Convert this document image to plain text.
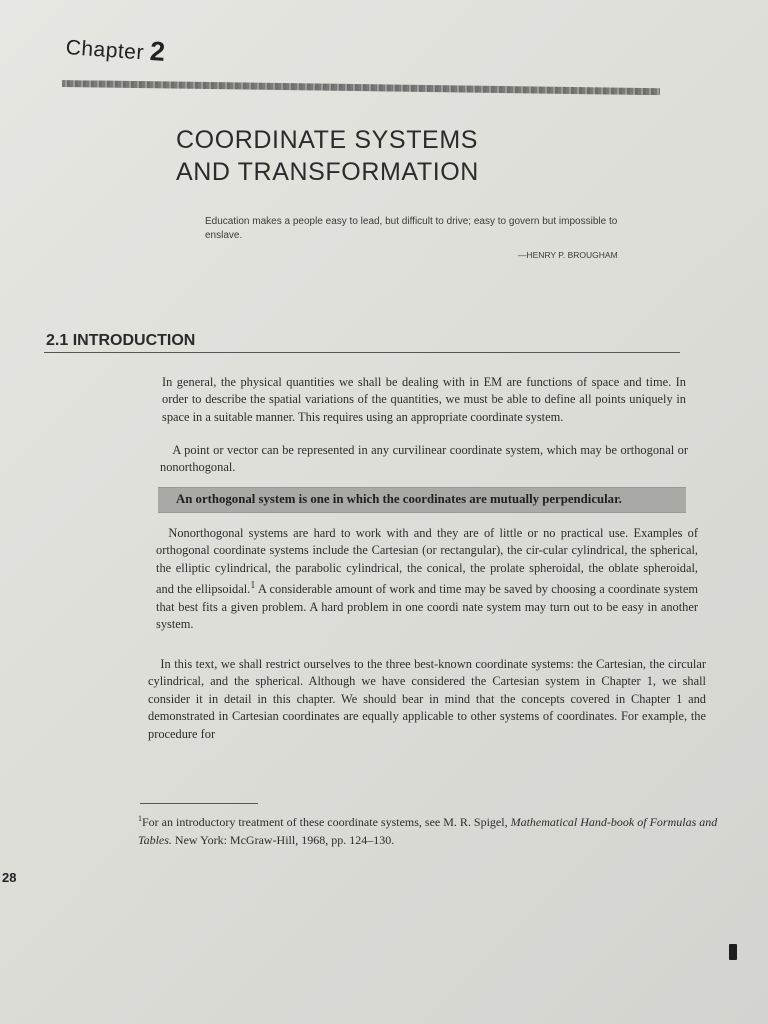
Chapter 2
COORDINATE SYSTEMS
AND TRANSFORMATION
Education makes a people easy to lead, but difficult to drive; easy to govern but impossible to enslave.
—HENRY P. BROUGHAM
2.1 INTRODUCTION

In general, the physical quantities we shall be dealing with in EM are functions of space and time. In order to describe the spatial variations of the quantities, we must be able to define all points uniquely in space in a suitable manner. This requires using an appropriate coordinate system.

 A point or vector can be represented in any curvilinear coordinate system, which may be orthogonal or nonorthogonal.

An orthogonal system is one in which the coordinates are mutually perpendicular.

 Nonorthogonal systems are hard to work with and they are of little or no practical use. Examples of orthogonal coordinate systems include the Cartesian (or rectangular), the cir-cular cylindrical, the spherical, the elliptic cylindrical, the parabolic cylindrical, the conical, the prolate spheroidal, the oblate spheroidal, and the ellipsoidal.$^1$ A considerable amount of work and time may be saved by choosing a coordinate system that best fits a given problem. A hard problem in one coordi nate system may turn out to be easy in another system.

 In this text, we shall restrict ourselves to the three best-known coordinate systems: the Cartesian, the circular cylindrical, and the spherical. Although we have considered the Cartesian system in Chapter 1, we shall consider it in detail in this chapter. We should bear in mind that the concepts covered in Chapter 1 and demonstrated in Cartesian coordinates are equally applicable to other systems of coordinates. For example, the procedure for

$^1$For an introductory treatment of these coordinate systems, see M. R. Spigel, Mathematical Hand-book of Formulas and Tables. New York: McGraw-Hill, 1968, pp. 124–130.

28
